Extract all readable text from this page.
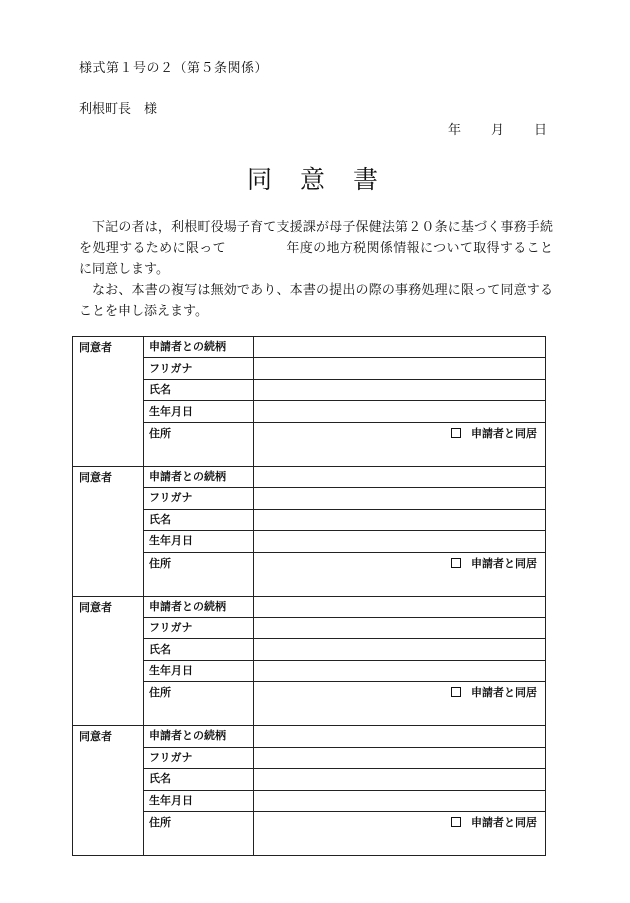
様式第１号の２（第５条関係）
利根町長　様
年 月 日
同 意 書

下記の者は，利根町役場子育て支援課が母子保健法第２０条に基づく事務手続を処理するために限って	年度の地方税関係情報について取得することに同意します。

なお、本書の複写は無効であり、本書の提出の際の事務処理に限って同意することを申し添えます。

同意者	申請者との続柄	
	フリガナ	
	氏名	
	生年月日	
	住所	申請者と同居
同意者	申請者との続柄	
	フリガナ	
	氏名	
	生年月日	
	住所	申請者と同居
同意者	申請者との続柄	
	フリガナ	
	氏名	
	生年月日	
	住所	申請者と同居
同意者	申請者との続柄	
	フリガナ	
	氏名	
	生年月日	
	住所	申請者と同居
